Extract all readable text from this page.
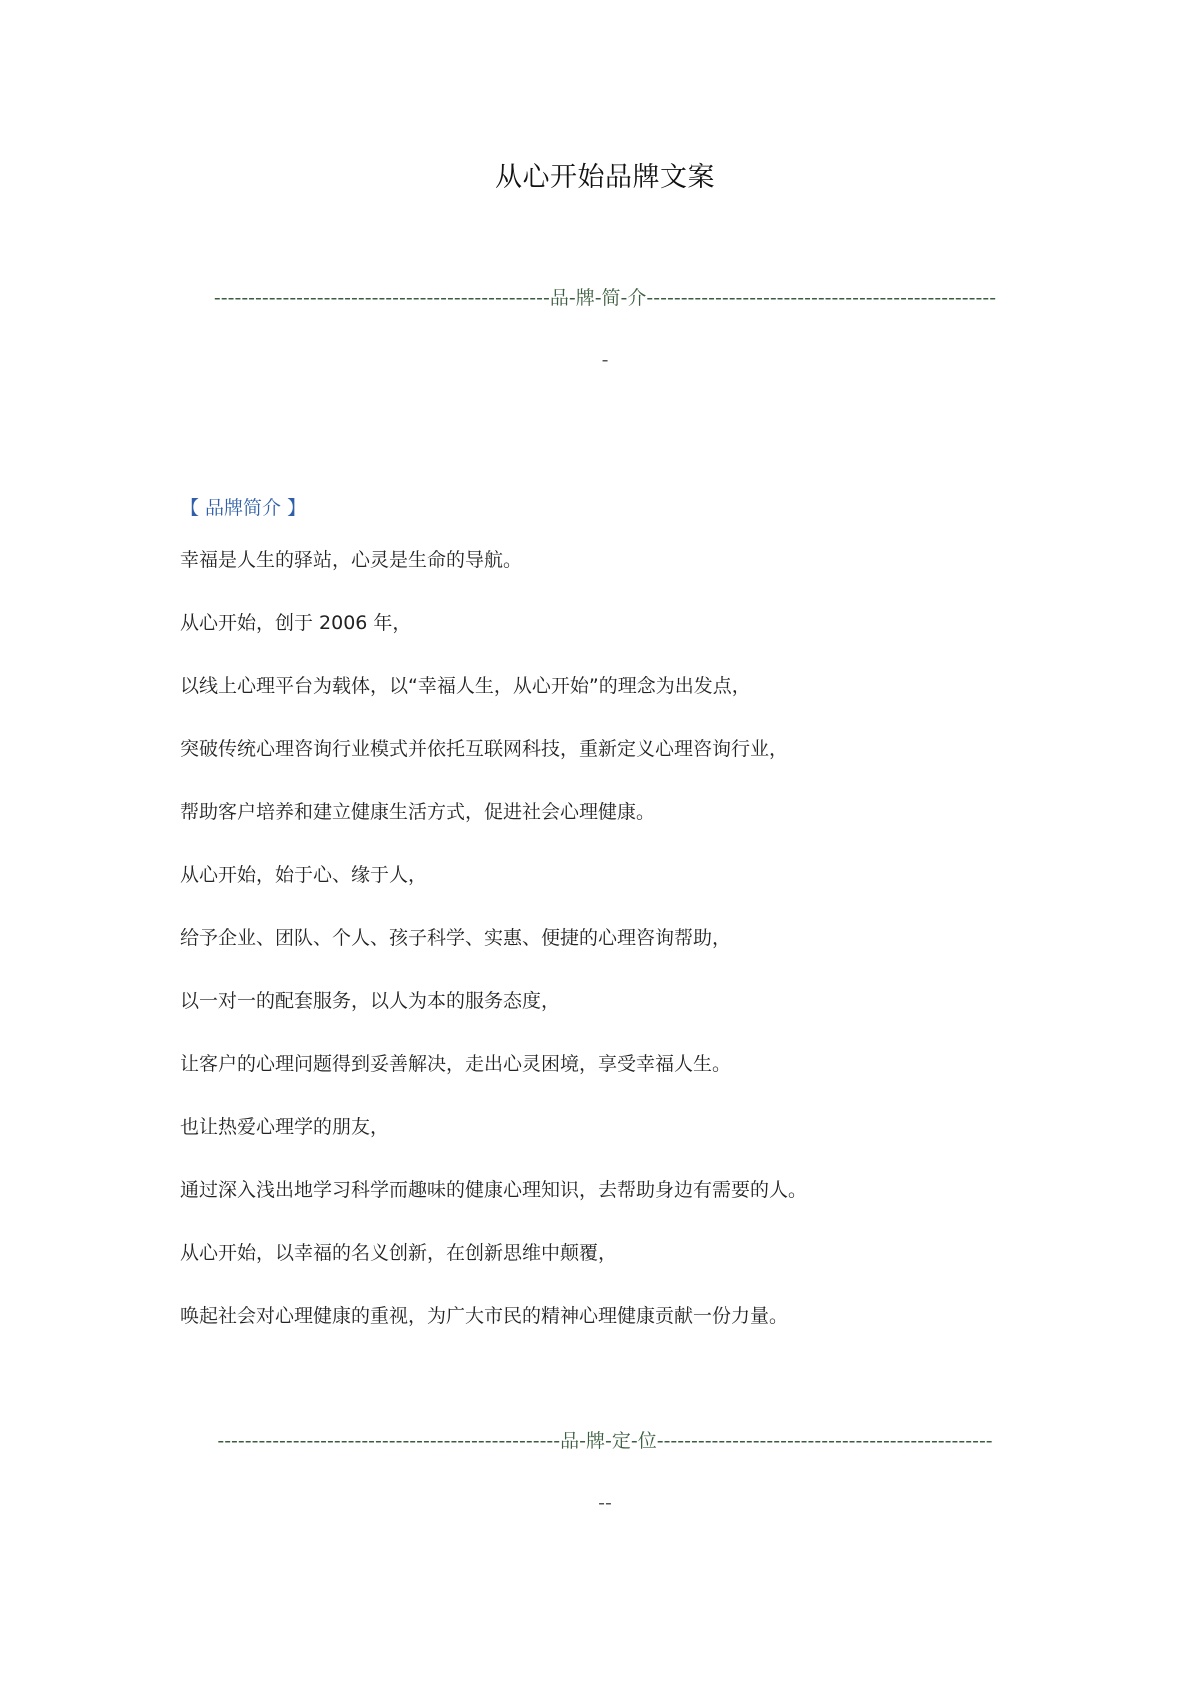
从心开始品牌文案
-------------------------------------------------品-牌-简-介---------------------------------------------------
-
【 品牌简介 】

幸福是人生的驿站，心灵是生命的导航。

从心开始，创于 2006 年，

以线上心理平台为载体，以“幸福人生，从心开始”的理念为出发点，

突破传统心理咨询行业模式并依托互联网科技，重新定义心理咨询行业，

帮助客户培养和建立健康生活方式，促进社会心理健康。

从心开始，始于心、缘于人，

给予企业、团队、个人、孩子科学、实惠、便捷的心理咨询帮助，

以一对一的配套服务，以人为本的服务态度，

让客户的心理问题得到妥善解决，走出心灵困境，享受幸福人生。

也让热爱心理学的朋友，

通过深入浅出地学习科学而趣味的健康心理知识，去帮助身边有需要的人。

从心开始，以幸福的名义创新，在创新思维中颠覆，

唤起社会对心理健康的重视，为广大市民的精神心理健康贡献一份力量。

--------------------------------------------------品-牌-定-位-------------------------------------------------
--
